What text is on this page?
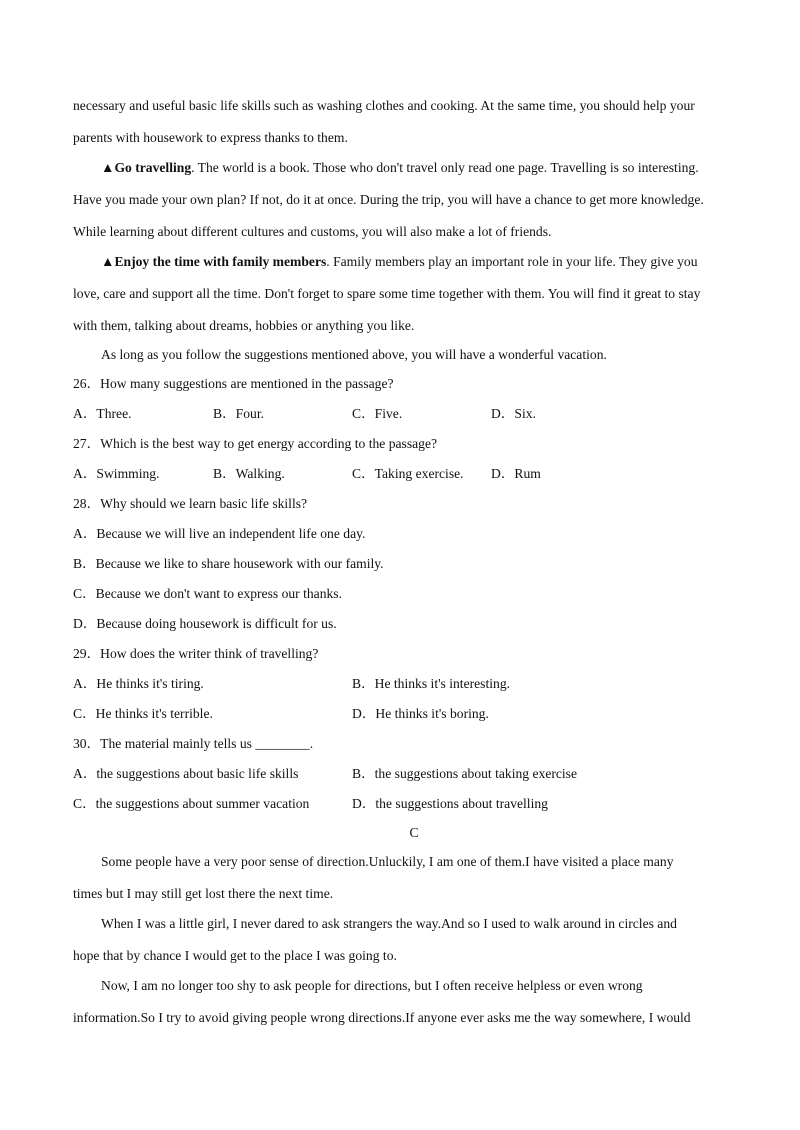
necessary and useful basic life skills such as washing clothes and cooking. At the same time, you should help your
parents with housework to express thanks to them.
▲Go travelling. The world is a book. Those who don't travel only read one page. Travelling is so interesting.
Have you made your own plan? If not, do it at once. During the trip, you will have a chance to get more knowledge.
While learning about different cultures and customs, you will also make a lot of friends.
▲Enjoy the time with family members. Family members play an important role in your life. They give you
love, care and support all the time. Don't forget to spare some time together with them. You will find it great to stay
with them, talking about dreams, hobbies or anything you like.
As long as you follow the suggestions mentioned above, you will have a wonderful vacation.
26．How many suggestions are mentioned in the passage?
A．Three.	B．Four.	C．Five.	D．Six.
27．Which is the best way to get energy according to the passage?
A．Swimming.	B．Walking.	C．Taking exercise. D．Rum
28．Why should we learn basic life skills?
A．Because we will live an independent life one day.
B．Because we like to share housework with our family.
C．Because we don't want to express our thanks.
D．Because doing housework is difficult for us.
29．How does the writer think of travelling?
A．He thinks it's tiring.	B．He thinks it's interesting.
C．He thinks it's terrible.	D．He thinks it's boring.
30．The material mainly tells us ________.
A．the suggestions about basic life skills	B．the suggestions about taking exercise
C．the suggestions about summer vacation	D．the suggestions about travelling
C
Some people have a very poor sense of direction.Unluckily, I am one of them.I have visited a place many
times but I may still get lost there the next time.
When I was a little girl, I never dared to ask strangers the way.And so I used to walk around in circles and
hope that by chance I would get to the place I was going to.
Now, I am no longer too shy to ask people for directions, but I often receive helpless or even wrong
information.So I try to avoid giving people wrong directions.If anyone ever asks me the way somewhere, I would
